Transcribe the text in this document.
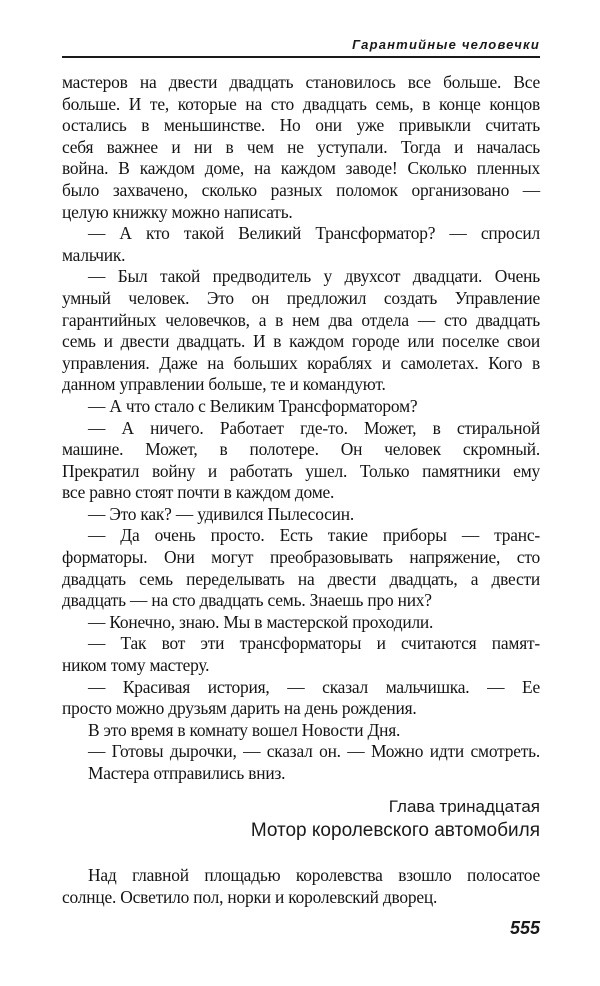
Гарантийные человечки
мастеров на двести двадцать становилось все больше. Все
больше. И те, которые на сто двадцать семь, в конце концов
остались в меньшинстве. Но они уже привыкли считать
себя важнее и ни в чем не уступали. Тогда и началась
война. В каждом доме, на каждом заводе! Сколько пленных
было захвачено, сколько разных поломок организовано —
целую книжку можно написать.
— А кто такой Великий Трансформатор? — спросил
мальчик.
— Был такой предводитель у двухсот двадцати. Очень
умный человек. Это он предложил создать Управление
гарантийных человечков, а в нем два отдела — сто двадцать
семь и двести двадцать. И в каждом городе или поселке свои
управления. Даже на больших кораблях и самолетах. Кого в
данном управлении больше, те и командуют.
— А что стало с Великим Трансформатором?
— А ничего. Работает где-то. Может, в стиральной
машине. Может, в полотере. Он человек скромный.
Прекратил войну и работать ушел. Только памятники ему
все равно стоят почти в каждом доме.
— Это как? — удивился Пылесосин.
— Да очень просто. Есть такие приборы — транс-
форматоры. Они могут преобразовывать напряжение, сто
двадцать семь переделывать на двести двадцать, а двести
двадцать — на сто двадцать семь. Знаешь про них?
— Конечно, знаю. Мы в мастерской проходили.
— Так вот эти трансформаторы и считаются памят-
ником тому мастеру.
— Красивая история, — сказал мальчишка. — Ее
просто можно друзьям дарить на день рождения.
В это время в комнату вошел Новости Дня.
— Готовы дырочки, — сказал он. — Можно идти смотреть.
Мастера отправились вниз.
Глава тринадцатая
Мотор королевского автомобиля
Над главной площадью королевства взошло полосатое
солнце. Осветило пол, норки и королевский дворец.
555
